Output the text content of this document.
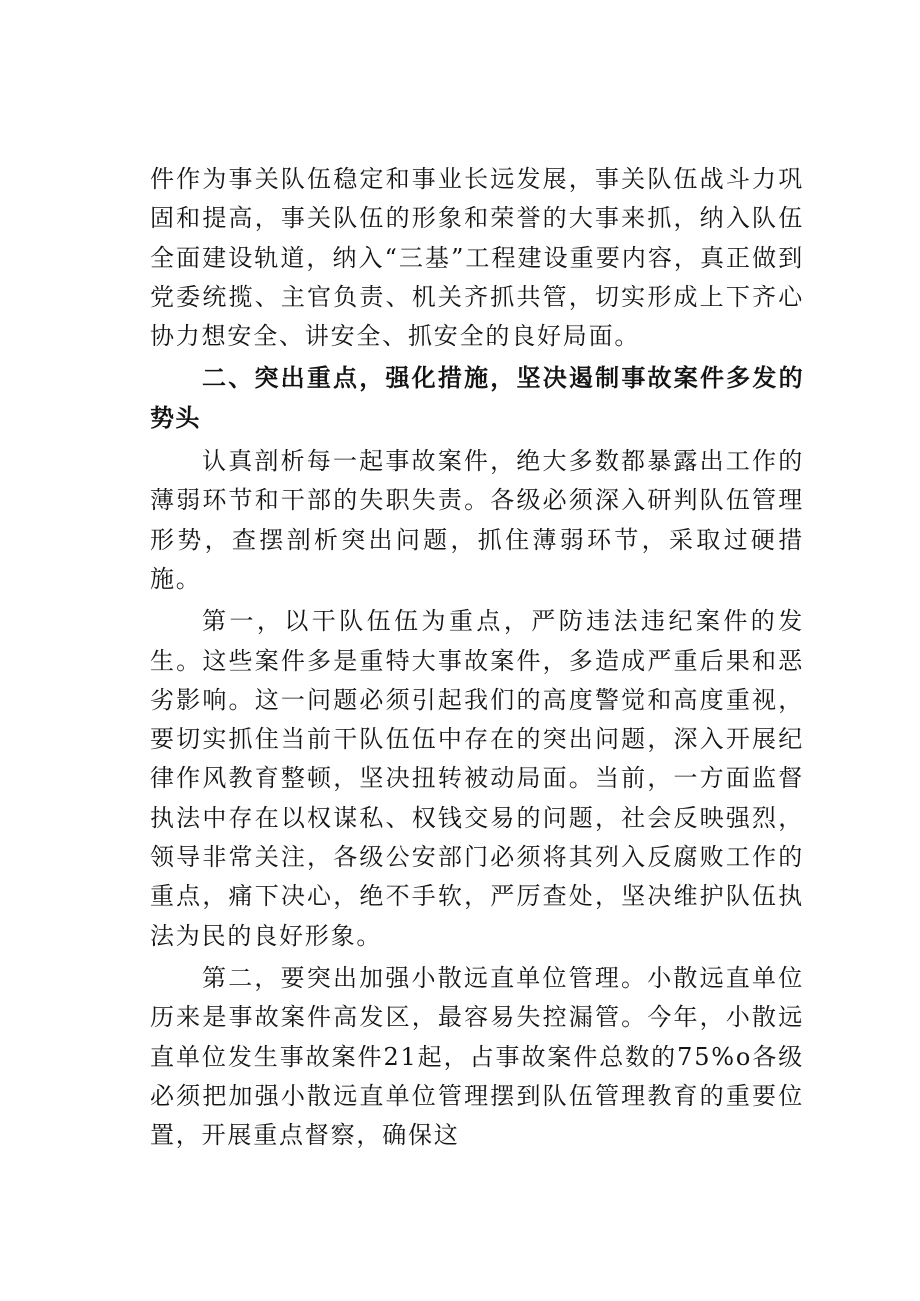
件作为事关队伍稳定和事业长远发展，事关队伍战斗力巩固和提高，事关队伍的形象和荣誉的大事来抓，纳入队伍全面建设轨道，纳入“三基”工程建设重要内容，真正做到党委统揽、主官负责、机关齐抓共管，切实形成上下齐心协力想安全、讲安全、抓安全的良好局面。

二、突出重点，强化措施，坚决遏制事故案件多发的势头

认真剖析每一起事故案件，绝大多数都暴露出工作的薄弱环节和干部的失职失责。各级必须深入研判队伍管理形势，查摆剖析突出问题，抓住薄弱环节，采取过硬措施。

第一，以干队伍伍为重点，严防违法违纪案件的发生。这些案件多是重特大事故案件，多造成严重后果和恶劣影响。这一问题必须引起我们的高度警觉和高度重视，要切实抓住当前干队伍伍中存在的突出问题，深入开展纪律作风教育整顿，坚决扭转被动局面。当前，一方面监督执法中存在以权谋私、权钱交易的问题，社会反映强烈，领导非常关注，各级公安部门必须将其列入反腐败工作的重点，痛下决心，绝不手软，严厉查处，坚决维护队伍执法为民的良好形象。

第二，要突出加强小散远直单位管理。小散远直单位历来是事故案件高发区，最容易失控漏管。今年，小散远直单位发生事故案件21起，占事故案件总数的75%o各级必须把加强小散远直单位管理摆到队伍管理教育的重要位置，开展重点督察，确保这
